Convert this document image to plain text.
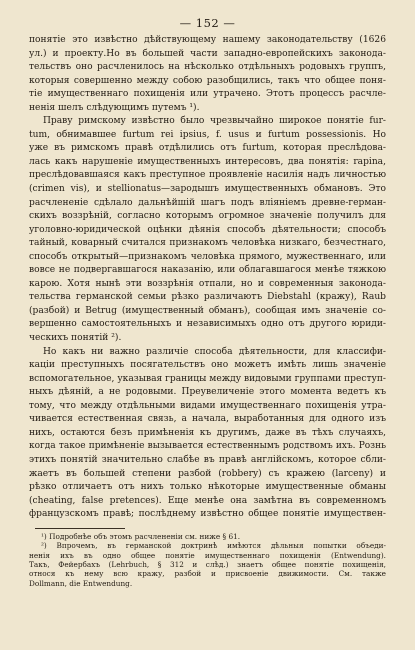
— 152 —
понятіе это извѣстно дѣйствующему нашему законодательству (1626
ул.) и проекту.Но въ большей части западно-европейскихъ законода-
тельствъ оно расчленилось на нѣсколько отдѣльныхъ родовыхъ группъ,
которыя совершенно между собою разобщились, такъ что общее поня-
тіе имущественнаго похищенія или утрачено. Этотъ процессъ расчле-
ненія шелъ слѣдующимъ путемъ ¹).
Праву римскому извѣстно было чрезвычайно широкое понятіе fur-
tum, обнимавшее furtum rei ipsius, f. usus и furtum possessionis. Но
уже въ римскомъ правѣ отдѣлились отъ furtum, которая преслѣдова-
лась какъ нарушеніе имущественныхъ интересовъ, два понятія: rapina,
преслѣдовавшаяся какъ преступное проявленіе насилія надъ личностью
(crimen vis), и stellionatus—зародышъ имущественныхъ обмановъ. Это
расчлененіе сдѣлало дальнѣйшій шагъ подъ вліяніемъ древне-герман-
скихъ воззрѣній, согласно которымъ огромное значеніе получилъ для
уголовно-юридической оцѣнки дѣянія способъ дѣятельности; способъ
тайный, коварный считался признакомъ человѣка низкаго, безчестнаго,
способъ открытый—признакомъ человѣка прямого, мужественнаго, или
вовсе не подвергавшагося наказанію, или облагавшагося менѣе тяжкою
карою. Хотя нынѣ эти воззрѣнія отпали, но и современныя законода-
тельства германской семьи рѣзко различаютъ Diebstahl (кражу), Raub
(разбой) и Betrug (имущественный обманъ), сообщая имъ значеніе со-
вершенно самостоятельныхъ и независимыхъ одно отъ другого юриди-
ческихъ понятій ²).
Но какъ ни важно различіе способа дѣятельности, для классифи-
каціи преступныхъ посягательствъ оно можетъ имѣть лишь значеніе
вспомогательное, указывая границы между видовыми группами преступ-
ныхъ дѣяній, а не родовыми. Преувеличеніе этого момента ведетъ къ
тому, что между отдѣльными видами имущественнаго похищенія утра-
чивается естественная связь, а начала, выработанныя для одного изъ
нихъ, остаются безъ примѣненія къ другимъ, даже въ тѣхъ случаяхъ,
когда такое примѣненіе вызывается естественнымъ родствомъ ихъ. Рознь
этихъ понятій значительно слабѣе въ правѣ англійскомъ, которое сбли-
жаетъ въ большей степени разбой (robbery) съ кражею (larceny) и
рѣзко отличаетъ отъ нихъ только нѣкоторые имущественные обманы
(cheating, false pretences). Еще менѣе она замѣтна въ современномъ
французскомъ правѣ; послѣднему извѣстно общее понятіе имуществен-
¹) Подробнѣе объ этомъ расчлененіи см. ниже § 61.
²) Впрочемъ, въ германской доктринѣ имѣются дѣльныя попытки объеди-
ненія ихъ въ одно общее понятіе имущественнаго похищенія (Entwendung).
Такъ, Фейербахъ (Lehrbuch, § 312 и слѣд.) знаетъ общее понятіе похищенія,
относя къ нему всю кражу, разбой и присвоеніе движимости. См. также
Dollmann, die Entwendung.
